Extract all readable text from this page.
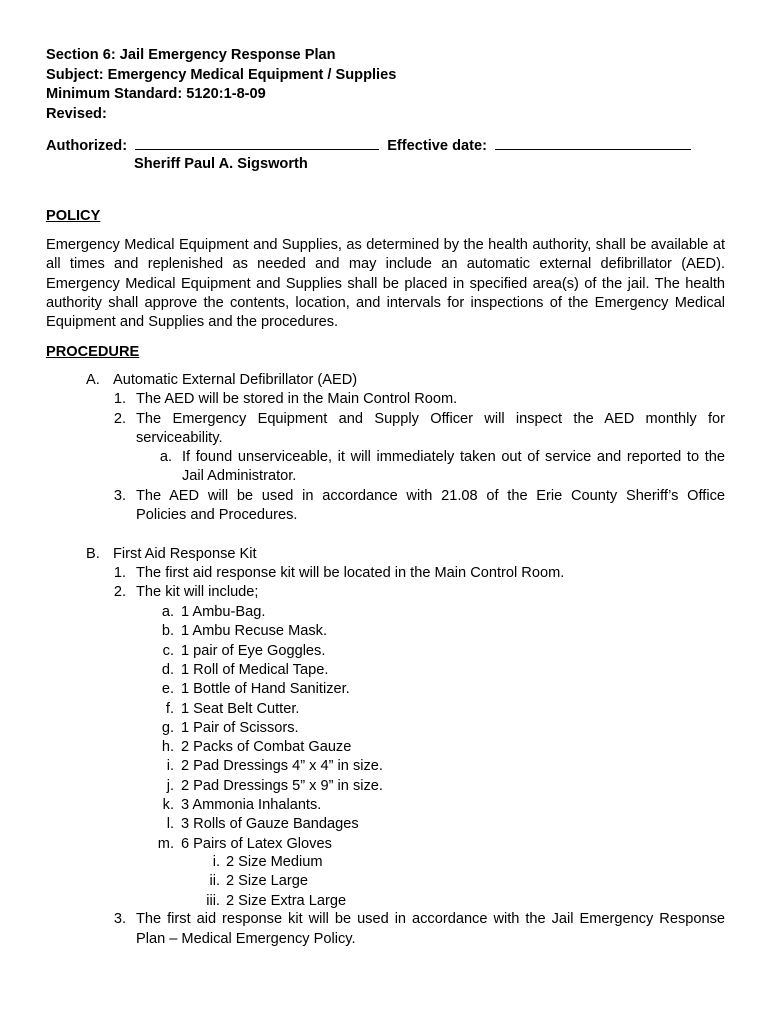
Section 6: Jail Emergency Response Plan
Subject: Emergency Medical Equipment / Supplies
Minimum Standard: 5120:1-8-09
Revised:
Authorized:	Effective date:
Sheriff Paul A. Sigsworth
POLICY
Emergency Medical Equipment and Supplies, as determined by the health authority, shall be available at all times and replenished as needed and may include an automatic external defibrillator (AED). Emergency Medical Equipment and Supplies shall be placed in specified area(s) of the jail. The health authority shall approve the contents, location, and intervals for inspections of the Emergency Medical Equipment and Supplies and the procedures.
PROCEDURE
A. Automatic External Defibrillator (AED)
1. The AED will be stored in the Main Control Room.
2. The Emergency Equipment and Supply Officer will inspect the AED monthly for
serviceability.
a. If found unserviceable, it will immediately taken out of service and reported to the
Jail Administrator.
3. The AED will be used in accordance with 21.08 of the Erie County Sheriff’s Office
Policies and Procedures.
B. First Aid Response Kit
1. The first aid response kit will be located in the Main Control Room.
2. The kit will include;
a. 1 Ambu-Bag.
b. 1 Ambu Recuse Mask.
c. 1 pair of Eye Goggles.
d. 1 Roll of Medical Tape.
e. 1 Bottle of Hand Sanitizer.
f. 1 Seat Belt Cutter.
g. 1 Pair of Scissors.
h. 2 Packs of Combat Gauze
i. 2 Pad Dressings 4” x 4” in size.
j. 2 Pad Dressings 5” x 9” in size.
k. 3 Ammonia Inhalants.
l. 3 Rolls of Gauze Bandages
m. 6 Pairs of Latex Gloves
i. 2 Size Medium
ii. 2 Size Large
iii. 2 Size Extra Large
3. The first aid response kit will be used in accordance with the Jail Emergency Response
Plan – Medical Emergency Policy.
